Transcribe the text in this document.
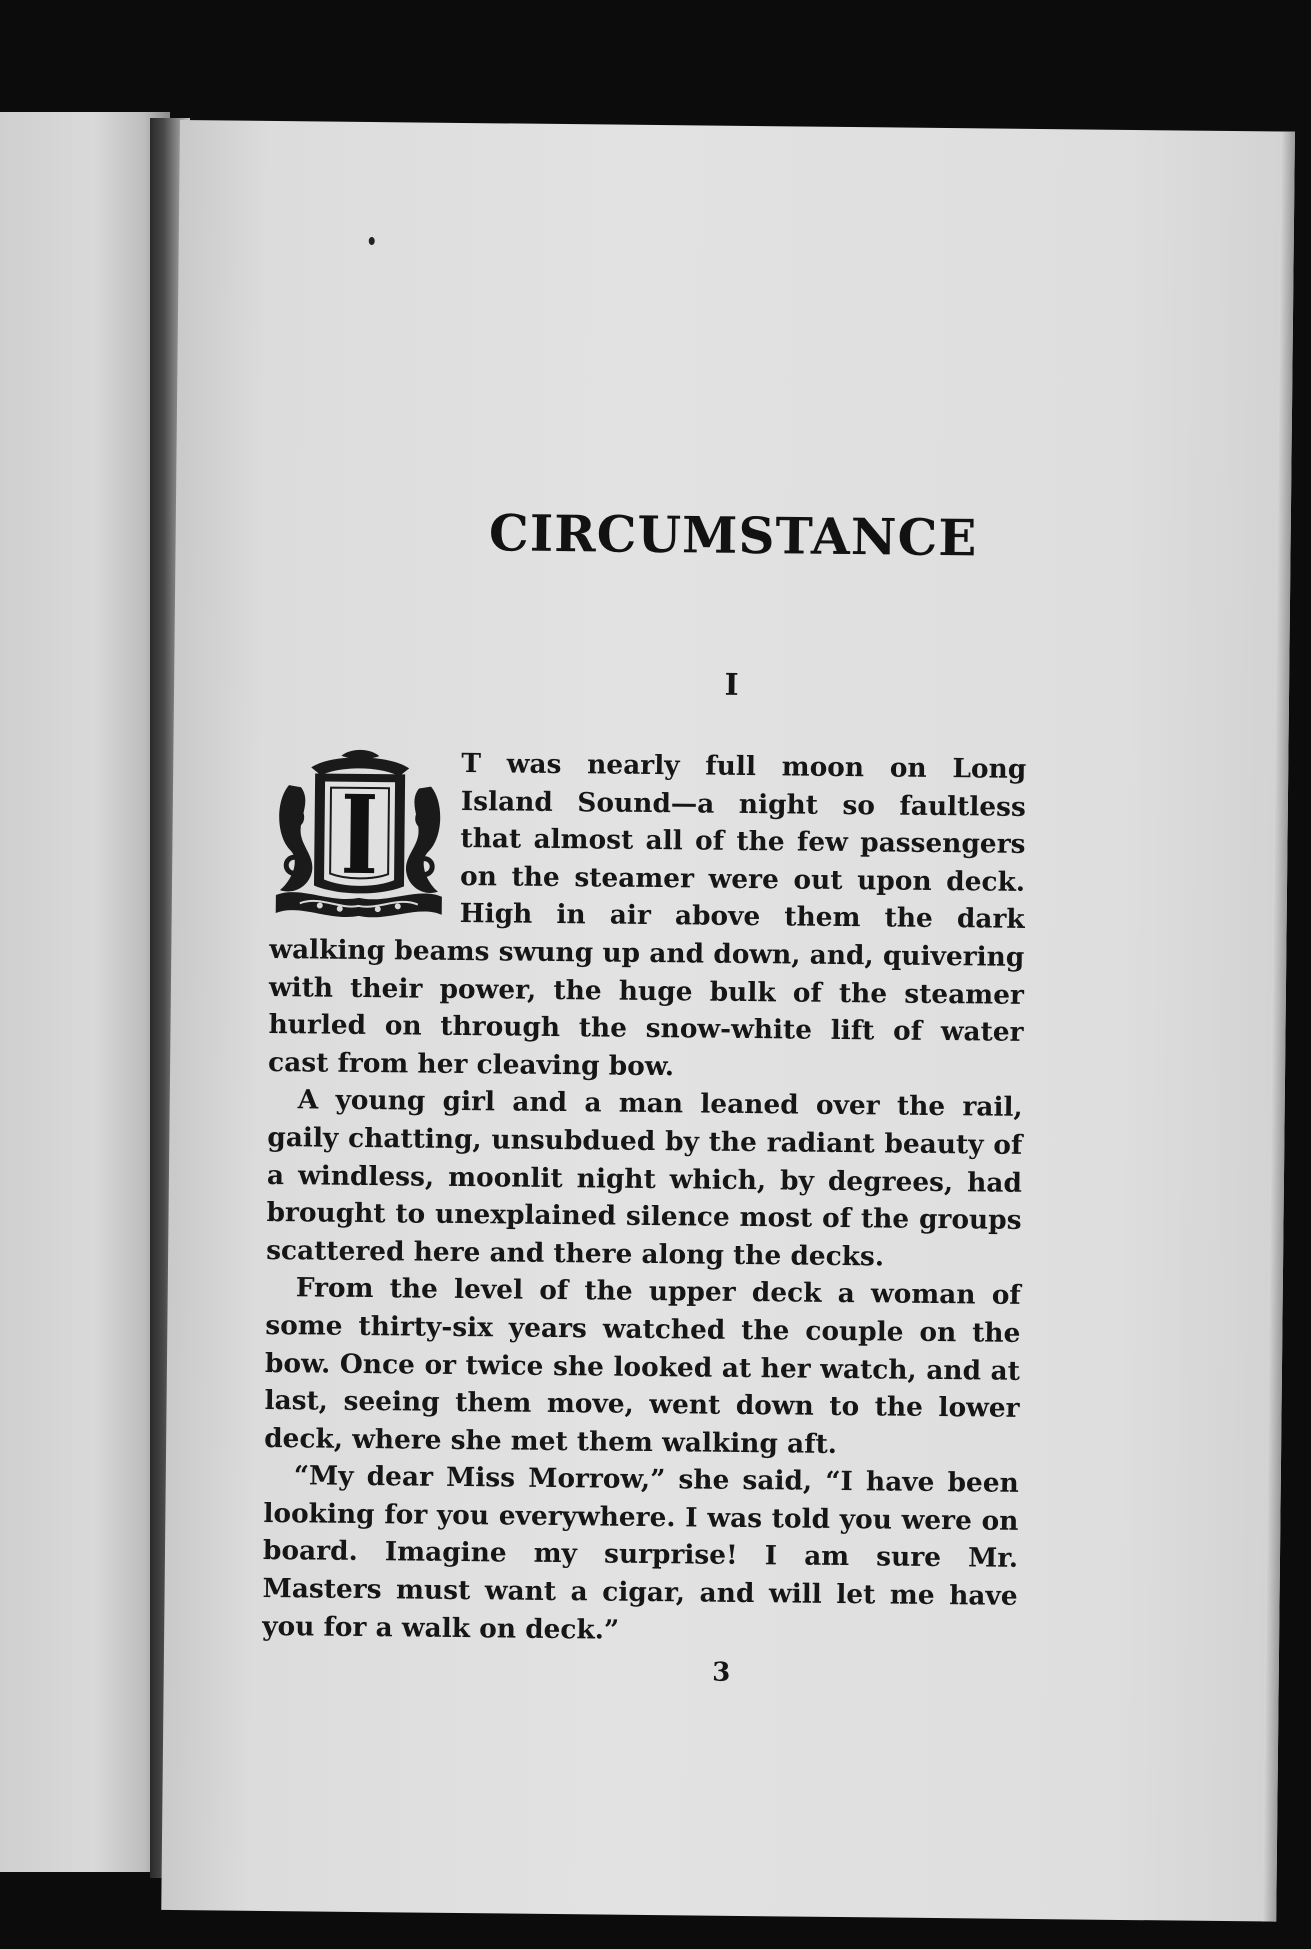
CIRCUMSTANCE
I

T was nearly full moon on Long Island Sound—a night so faultless that almost all of the few passengers on the steamer were out upon deck. High in air above them the dark walking beams swung up and down, and, quivering with their power, the huge bulk of the steamer hurled on through the snow-white lift of water cast from her cleaving bow.

A young girl and a man leaned over the rail, gaily chatting, unsubdued by the radiant beauty of a windless, moonlit night which, by degrees, had brought to unexplained silence most of the groups scattered here and there along the decks.

From the level of the upper deck a woman of some thirty-six years watched the couple on the bow. Once or twice she looked at her watch, and at last, seeing them move, went down to the lower deck, where she met them walking aft.

“My dear Miss Morrow,” she said, “I have been looking for you everywhere. I was told you were on board. Imagine my surprise! I am sure Mr. Masters must want a cigar, and will let me have you for a walk on deck.”

3
